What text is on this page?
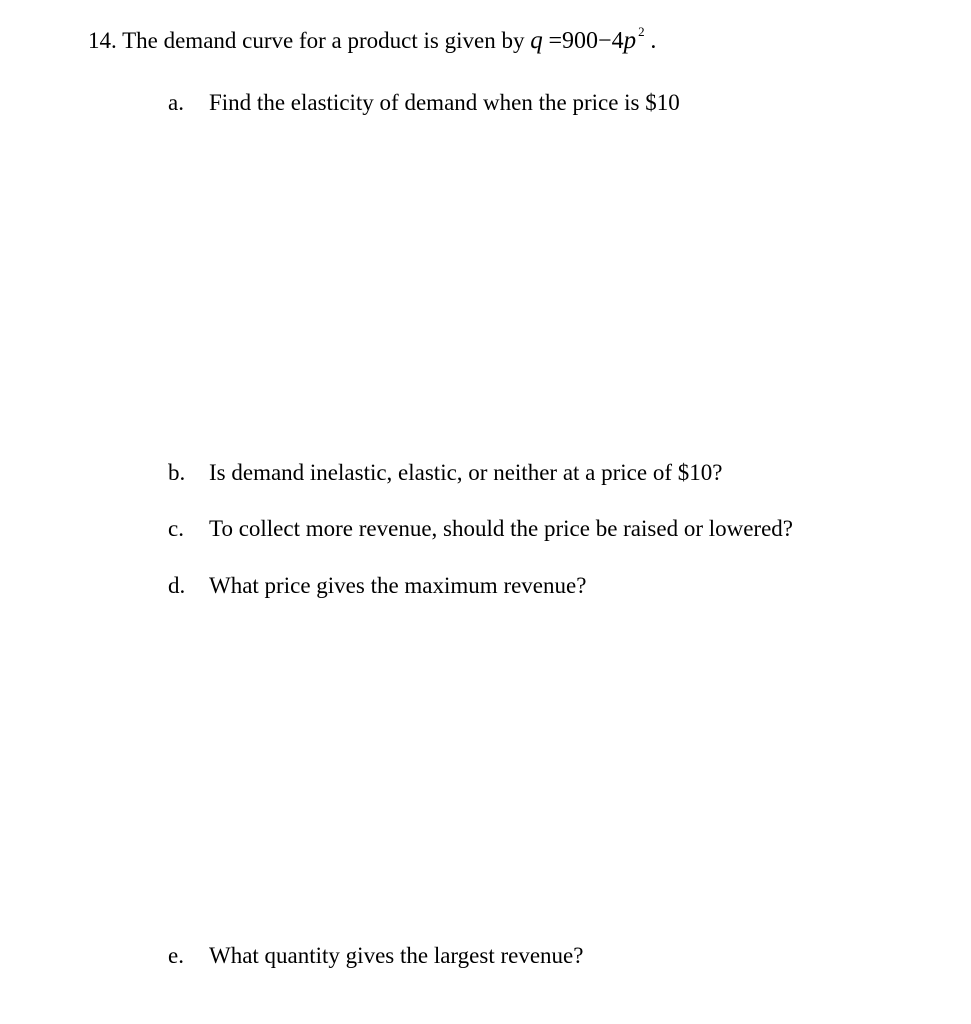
14. The demand curve for a product is given by q =900−4p $^2$ .
a. Find the elasticity of demand when the price is $10
b. Is demand inelastic, elastic, or neither at a price of $10?
c. To collect more revenue, should the price be raised or lowered?
d. What price gives the maximum revenue?
e. What quantity gives the largest revenue?
